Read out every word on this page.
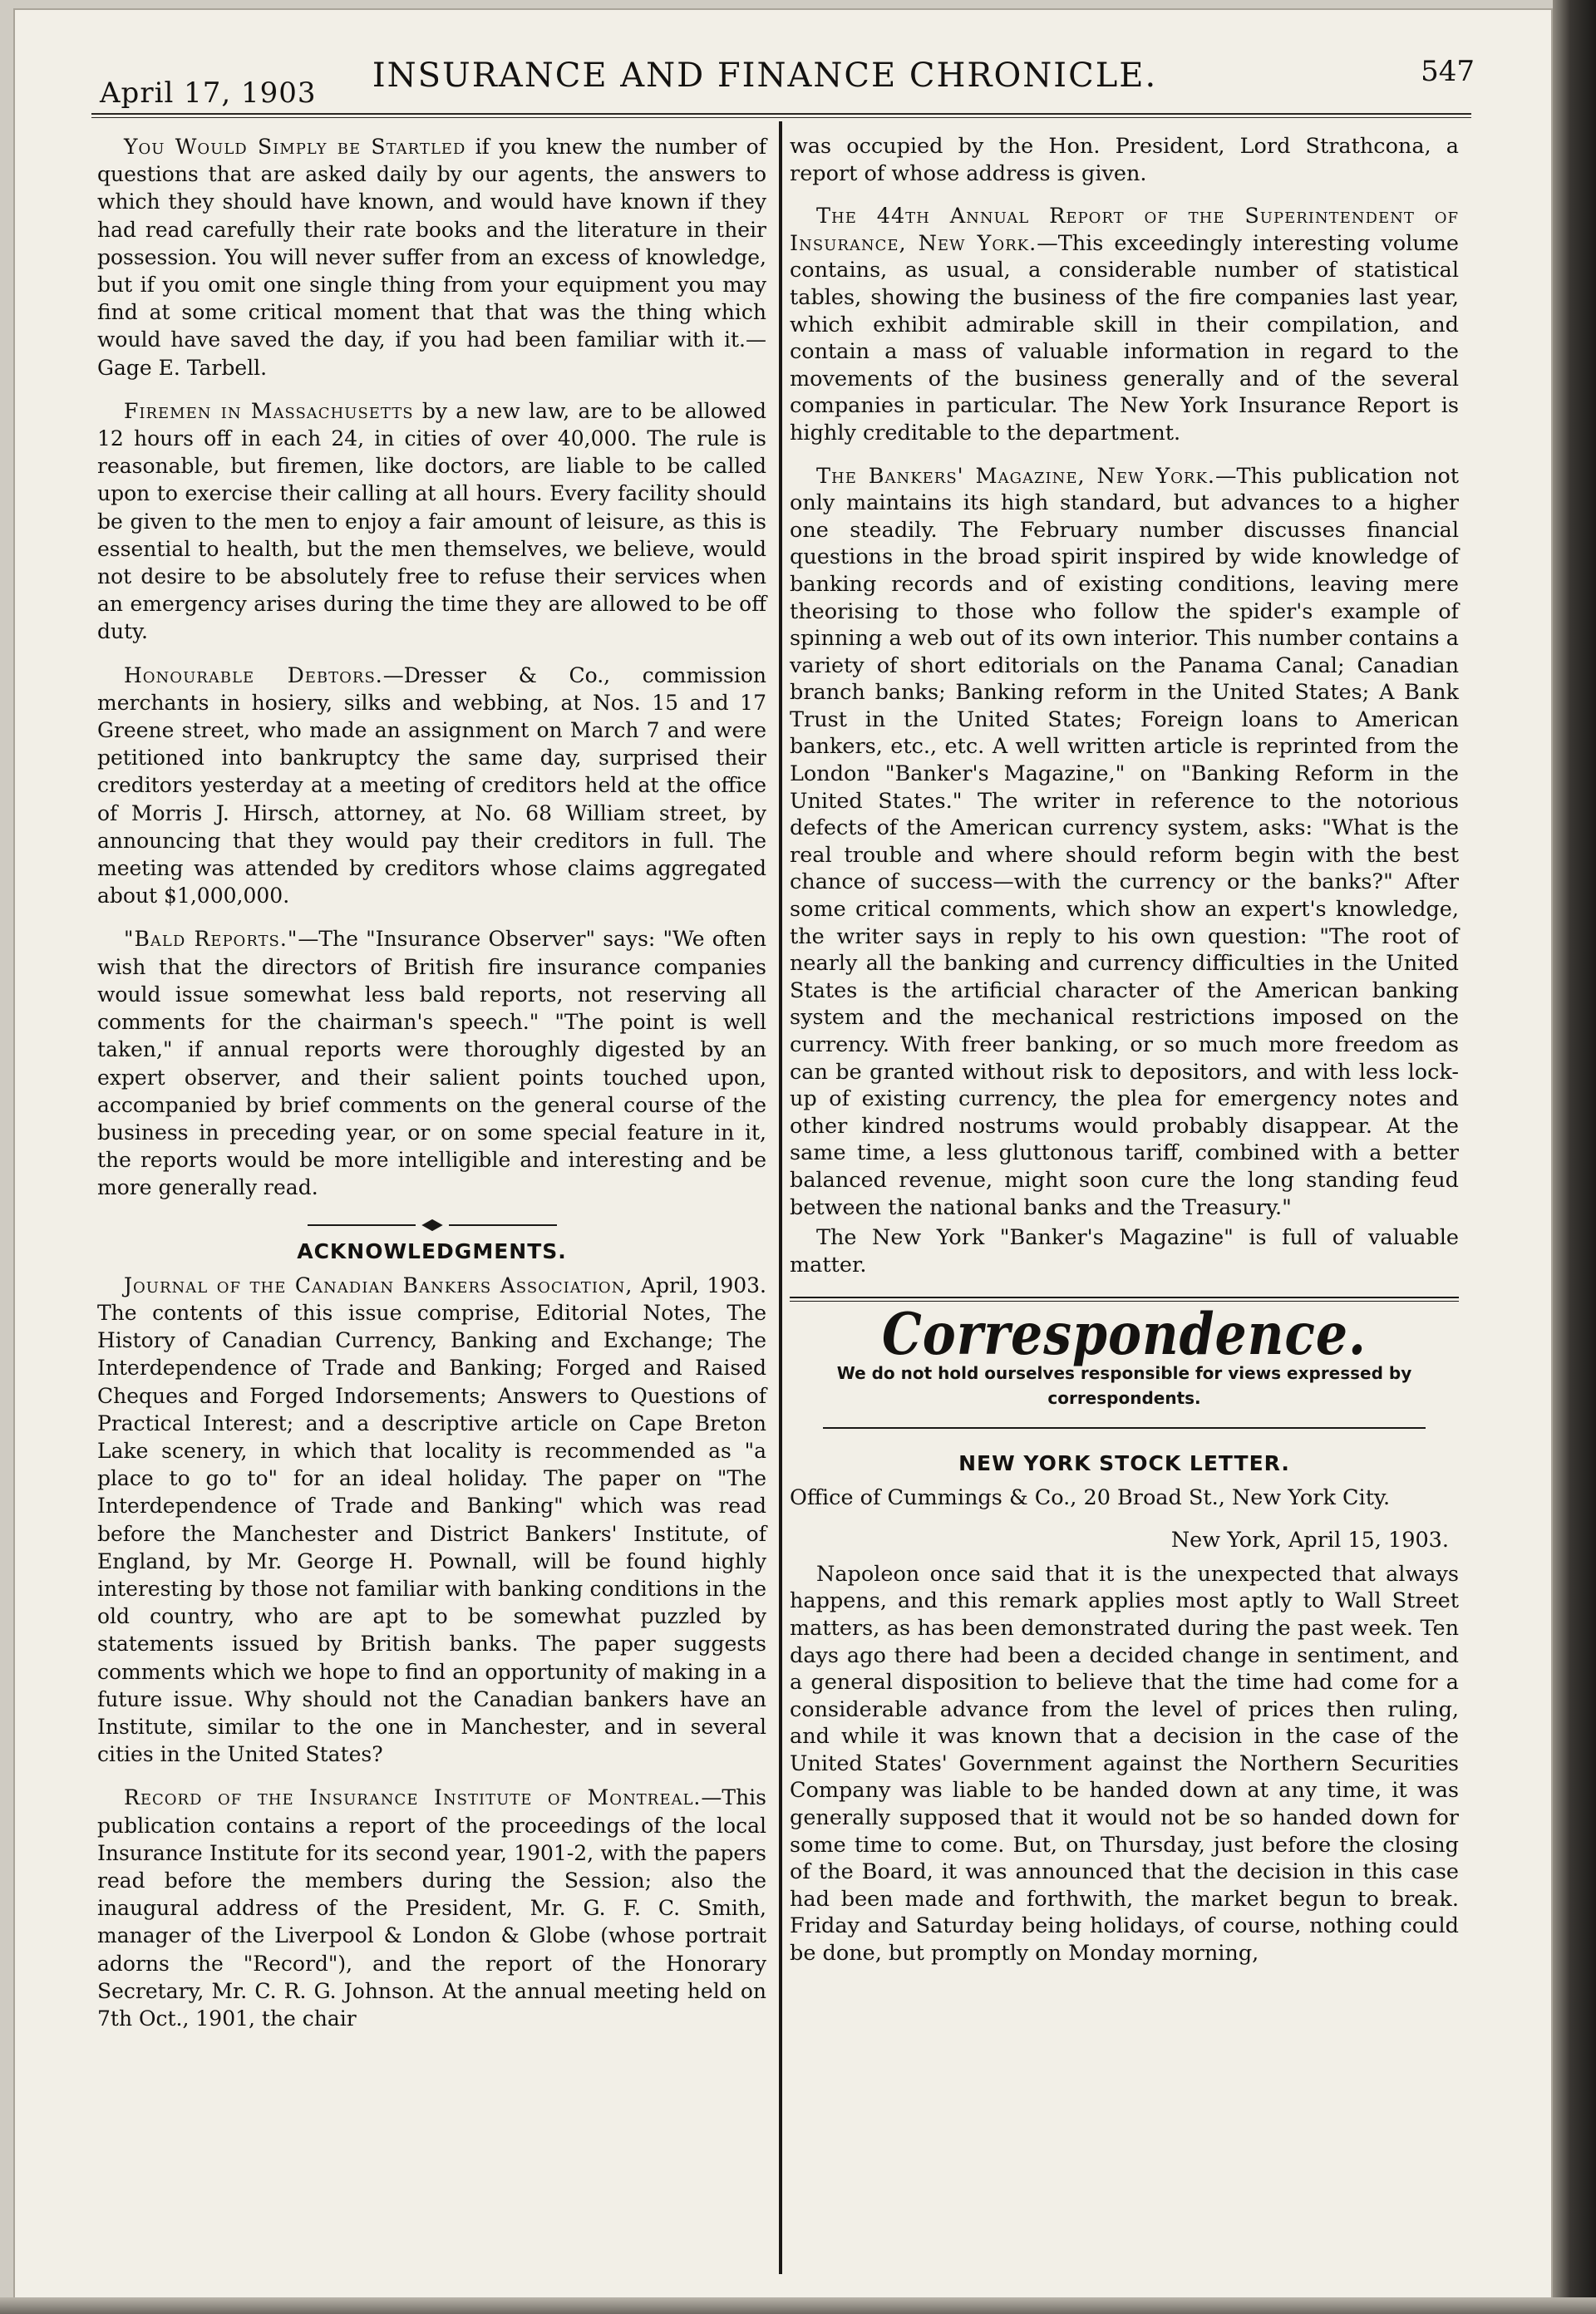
April 17, 1903	INSURANCE AND FINANCE CHRONICLE.	547

You Would Simply be Startled if you knew the number of questions that are asked daily by our agents, the answers to which they should have known, and would have known if they had read carefully their rate books and the literature in their possession. You will never suffer from an excess of knowledge, but if you omit one single thing from your equipment you may find at some critical moment that that was the thing which would have saved the day, if you had been familiar with it.—Gage E. Tarbell.

Firemen in Massachusetts by a new law, are to be allowed 12 hours off in each 24, in cities of over 40,000. The rule is reasonable, but firemen, like doctors, are liable to be called upon to exercise their calling at all hours. Every facility should be given to the men to enjoy a fair amount of leisure, as this is essential to health, but the men themselves, we believe, would not desire to be absolutely free to refuse their services when an emergency arises during the time they are allowed to be off duty.

Honourable Debtors.—Dresser & Co., commission merchants in hosiery, silks and webbing, at Nos. 15 and 17 Greene street, who made an assignment on March 7 and were petitioned into bankruptcy the same day, surprised their creditors yesterday at a meeting of creditors held at the office of Morris J. Hirsch, attorney, at No. 68 William street, by announcing that they would pay their creditors in full. The meeting was attended by creditors whose claims aggregated about $1,000,000.

"Bald Reports."—The "Insurance Observer" says: "We often wish that the directors of British fire insurance companies would issue somewhat less bald reports, not reserving all comments for the chairman's speech." "The point is well taken," if annual reports were thoroughly digested by an expert observer, and their salient points touched upon, accompanied by brief comments on the general course of the business in preceding year, or on some special feature in it, the reports would be more intelligible and interesting and be more generally read.

ACKNOWLEDGMENTS.

Journal of the Canadian Bankers Association, April, 1903. The contents of this issue comprise, Editorial Notes, The History of Canadian Currency, Banking and Exchange; The Interdependence of Trade and Banking; Forged and Raised Cheques and Forged Indorsements; Answers to Questions of Practical Interest; and a descriptive article on Cape Breton Lake scenery, in which that locality is recommended as "a place to go to" for an ideal holiday. The paper on "The Interdependence of Trade and Banking" which was read before the Manchester and District Bankers' Institute, of England, by Mr. George H. Pownall, will be found highly interesting by those not familiar with banking conditions in the old country, who are apt to be somewhat puzzled by statements issued by British banks. The paper suggests comments which we hope to find an opportunity of making in a future issue. Why should not the Canadian bankers have an Institute, similar to the one in Manchester, and in several cities in the United States?

Record of the Insurance Institute of Montreal.—This publication contains a report of the proceedings of the local Insurance Institute for its second year, 1901-2, with the papers read before the members during the Session; also the inaugural address of the President, Mr. G. F. C. Smith, manager of the Liverpool & London & Globe (whose portrait adorns the "Record"), and the report of the Honorary Secretary, Mr. C. R. G. Johnson. At the annual meeting held on 7th Oct., 1901, the chair

was occupied by the Hon. President, Lord Strathcona, a report of whose address is given.

The 44th Annual Report of the Superintendent of Insurance, New York.—This exceedingly interesting volume contains, as usual, a considerable number of statistical tables, showing the business of the fire companies last year, which exhibit admirable skill in their compilation, and contain a mass of valuable information in regard to the movements of the business generally and of the several companies in particular. The New York Insurance Report is highly creditable to the department.

The Bankers' Magazine, New York.—This publication not only maintains its high standard, but advances to a higher one steadily. The February number discusses financial questions in the broad spirit inspired by wide knowledge of banking records and of existing conditions, leaving mere theorising to those who follow the spider's example of spinning a web out of its own interior. This number contains a variety of short editorials on the Panama Canal; Canadian branch banks; Banking reform in the United States; A Bank Trust in the United States; Foreign loans to American bankers, etc., etc. A well written article is reprinted from the London "Banker's Magazine," on "Banking Reform in the United States." The writer in reference to the notorious defects of the American currency system, asks: "What is the real trouble and where should reform begin with the best chance of success—with the currency or the banks?" After some critical comments, which show an expert's knowledge, the writer says in reply to his own question: "The root of nearly all the banking and currency difficulties in the United States is the artificial character of the American banking system and the mechanical restrictions imposed on the currency. With freer banking, or so much more freedom as can be granted without risk to depositors, and with less lock-up of existing currency, the plea for emergency notes and other kindred nostrums would probably disappear. At the same time, a less gluttonous tariff, combined with a better balanced revenue, might soon cure the long standing feud between the national banks and the Treasury."

The New York "Banker's Magazine" is full of valuable matter.

Correspondence.
We do not hold ourselves responsible for views expressed by correspondents.
NEW YORK STOCK LETTER.

Office of Cummings & Co., 20 Broad St., New York City.

New York, April 15, 1903.

Napoleon once said that it is the unexpected that always happens, and this remark applies most aptly to Wall Street matters, as has been demonstrated during the past week. Ten days ago there had been a decided change in sentiment, and a general disposition to believe that the time had come for a considerable advance from the level of prices then ruling, and while it was known that a decision in the case of the United States' Government against the Northern Securities Company was liable to be handed down at any time, it was generally supposed that it would not be so handed down for some time to come. But, on Thursday, just before the closing of the Board, it was announced that the decision in this case had been made and forthwith, the market begun to break. Friday and Saturday being holidays, of course, nothing could be done, but promptly on Monday morning,
